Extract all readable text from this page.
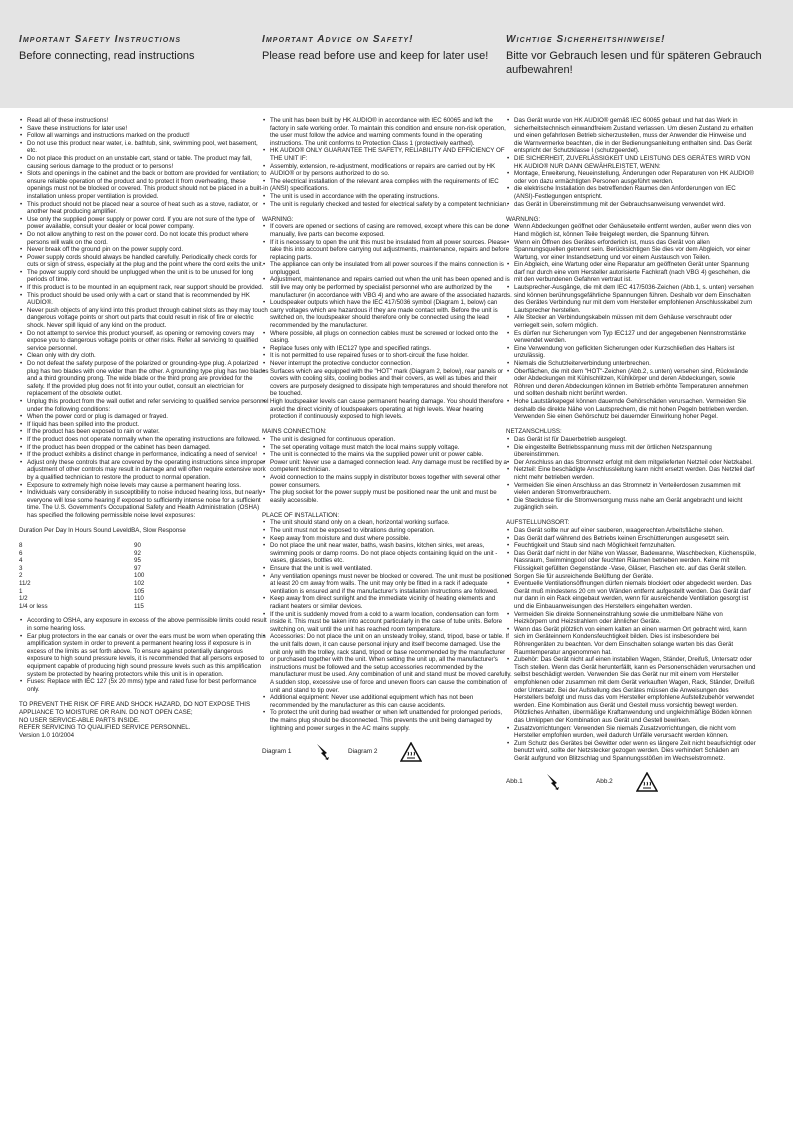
Important Safety Instructions
Before connecting, read instructions
Important Advice on Safety!
Please read before use and keep for later use!
Wichtige Sicherheitshinweise!
Bitte vor Gebrauch lesen und für späteren Gebrauch aufbewahren!
• Read all of these instructions!
• Save these instructions for later use!
• Follow all warnings and instructions marked on the product!
• Do not use this product near water, i.e. bathtub, sink, swimming pool, wet basement, etc.
• Do not place this product on an unstable cart, stand or table. The product may fall, causing serious damage to the product or to persons!
• Slots and openings in the cabinet and the back or bottom are provided for ventilation; to ensure reliable operation of the product and to protect it from overheating, these openings must not be blocked or covered. This product should not be placed in a built-in installation unless proper ventilation is provided.
• This product should not be placed near a source of heat such as a stove, radiator, or another heat producing amplifier.
• Use only the supplied power supply or power cord. If you are not sure of the type of power available, consult your dealer or local power company.
• Do not allow anything to rest on the power cord. Do not locate this product where persons will walk on the cord.
• Never break off the ground pin on the power supply cord.
• Power supply cords should always be handled carefully. Periodically check cords for cuts or sign of stress, especially at the plug and the point where the cord exits the unit.
• The power supply cord should be unplugged when the unit is to be unused for long periods of time.
• If this product is to be mounted in an equipment rack, rear support should be provided.
• This product should be used only with a cart or stand that is recommended by HK AUDIO®.
• Never push objects of any kind into this product through cabinet slots as they may touch dangerous voltage points or short out parts that could result in risk of fire or electric shock. Never spill liquid of any kind on the product.
• Do not attempt to service this product yourself, as opening or removing covers may expose you to dangerous voltage points or other risks. Refer all servicing to qualified service personnel.
• Clean only with dry cloth.
• Do not defeat the safety purpose of the polarized or grounding-type plug. A polarized plug has two blades with one wider than the other. A grounding type plug has two blades and a third grounding prong. The wide blade or the third prong are provided for the safety. If the provided plug does not fit into your outlet, consult an electrician for replacement of the obsolete outlet.
• Unplug this product from the wall outlet and refer servicing to qualified service personnel under the following conditions:
• When the power cord or plug is damaged or frayed.
• If liquid has been spilled into the product.
• If the product has been exposed to rain or water.
• If the product does not operate normally when the operating instructions are followed.
• If the product has been dropped or the cabinet has been damaged.
• If the product exhibits a distinct change in performance, indicating a need of service!
• Adjust only these controls that are covered by the operating instructions since improper adjustment of other controls may result in damage and will often require extensive work by a qualified technician to restore the product to normal operation.
• Exposure to extremely high noise levels may cause a permanent hearing loss.
• Individuals vary considerably in susceptibility to noise induced hearing loss, but nearly everyone will lose some hearing if exposed to sufficiently intense noise for a sufficient time. The U.S. Government's Occupational Safety and Health Administration (OSHA) has specified the following permissible noise level exposures:
Duration Per Day In Hours Sound LeveldBA, Slow Response
8	90
6	92
4	95
3	97
2	100
11/2	102
1	105
1/2	110
1/4 or less	115
• According to OSHA, any exposure in excess of the above permissible limits could result in some hearing loss.
• Ear plug protectors in the ear canals or over the ears must be worn when operating this amplification system in order to prevent a permanent hearing loss if exposure is in excess of the limits as set forth above. To ensure against potentially dangerous exposure to high sound pressure levels, it is recommended that all persons exposed to equipment capable of producing high sound pressure levels such as this amplification system be protected by hearing protectors while this unit is in operation.
• Fuses: Replace with IEC 127 (5x 20 mms) type and rated fuse for best performance only.

TO PREVENT THE RISK OF FIRE AND SHOCK HAZARD, DO NOT EXPOSE THIS APPLIANCE TO MOISTURE OR RAIN. DO NOT OPEN CASE;

NO USER SERVICE-ABLE PARTS INSIDE.

REFER SERVICING TO QUALIFIED SERVICE PERSONNEL.

Version 1.0 10/2004

• The unit has been built by HK AUDIO® in accordance with IEC 60065 and left the factory in safe working order. To maintain this condition and ensure non-risk operation, the user must follow the advice and warning comments found in the operating instructions. The unit conforms to Protection Class 1 (protectively earthed).
• HK AUDIO® ONLY GUARANTEE THE SAFETY, RELIABILITY AND EFFICIENCY OF THE UNIT IF:
• Assembly, extension, re-adjustment, modifications or repairs are carried out by HK AUDIO® or by persons authorized to do so.
• The electrical installation of the relevant area complies with the requirements of IEC (ANSI) specifications.
• The unit is used in accordance with the operating instructions.
• The unit is regularly checked and tested for electrical safety by a competent technician.
WARNING:
• If covers are opened or sections of casing are removed, except where this can be done manually, live parts can become exposed.
• If it is necessary to open the unit this must be insulated from all power sources. Please take this into account before carrying out adjustments, maintenance, repairs and before replacing parts.
• The appliance can only be insulated from all power sources if the mains connection is unplugged.
• Adjustment, maintenance and repairs carried out when the unit has been opened and is still live may only be performed by specialist personnel who are authorized by the manufacturer (in accordance with VBG 4) and who are aware of the associated hazards.
• Loudspeaker outputs which have the IEC 417/5036 symbol (Diagram 1, below) can carry voltages which are hazardous if they are made contact with. Before the unit is switched on, the loudspeaker should therefore only be connected using the lead recommended by the manufacturer.
• Where possible, all plugs on connection cables must be screwed or locked onto the casing.
• Replace fuses only with IEC127 type and specified ratings.
• It is not permitted to use repaired fuses or to short-circuit the fuse holder.
• Never interrupt the protective conductor connection.
• Surfaces which are equipped with the "HOT" mark (Diagram 2, below), rear panels or covers with cooling slits, cooling bodies and their covers, as well as tubes and their covers are purposely designed to dissipate high temperatures and should therefore not be touched.
• High loudspeaker levels can cause permanent hearing damage. You should therefore avoid the direct vicinity of loudspeakers operating at high levels. Wear hearing protection if continuously exposed to high levels.
MAINS CONNECTION:
• The unit is designed for continuous operation.
• The set operating voltage must match the local mains supply voltage.
• The unit is connected to the mains via the supplied power unit or power cable.
• Power unit: Never use a damaged connection lead. Any damage must be rectified by a competent technician.
• Avoid connection to the mains supply in distributor boxes together with several other power consumers.
• The plug socket for the power supply must be positioned near the unit and must be easily accessible.
PLACE OF INSTALLATION:
• The unit should stand only on a clean, horizontal working surface.
• The unit must not be exposed to vibrations during operation.
• Keep away from moisture and dust where possible.
• Do not place the unit near water, baths, wash basins, kitchen sinks, wet areas, swimming pools or damp rooms. Do not place objects containing liquid on the unit - vases, glasses, bottles etc.
• Ensure that the unit is well ventilated.
• Any ventilation openings must never be blocked or covered. The unit must be positioned at least 20 cm away from walls. The unit may only be fitted in a rack if adequate ventilation is ensured and if the manufacturer's installation instructions are followed.
• Keep away from direct sunlight and the immediate vicinity of heating elements and radiant heaters or similar devices.
• If the unit is suddenly moved from a cold to a warm location, condensation can form inside it. This must be taken into account particularly in the case of tube units. Before switching on, wait until the unit has reached room temperature.
• Accessories: Do not place the unit on an unsteady trolley, stand, tripod, base or table. If the unit falls down, it can cause personal injury and itself become damaged. Use the unit only with the trolley, rack stand, tripod or base recommended by the manufacturer or purchased together with the unit. When setting the unit up, all the manufacturer's instructions must be followed and the setup accessories recommended by the manufacturer must be used. Any combination of unit and stand must be moved carefully. A sudden stop, excessive use of force and uneven floors can cause the combination of unit and stand to tip over.
• Additional equipment: Never use additional equipment which has not been recommended by the manufacturer as this can cause accidents.
• To protect the unit during bad weather or when left unattended for prolonged periods, the mains plug should be disconnected. This prevents the unit being damaged by lightning and power surges in the AC mains supply.
Diagram 1	Diagram 2
• Das Gerät wurde von HK AUDIO® gemäß IEC 60065 gebaut und hat das Werk in sicherheitstechnisch einwandfreiem Zustand verlassen. Um diesen Zustand zu erhalten und einen gefahrlosen Betrieb sicherzustellen, muss der Anwender die Hinweise und die Warnvermerke beachten, die in der Bedienungsanleitung enthalten sind. Das Gerät entspricht der Schutzklasse I (schutzgeerdet).
• DIE SICHERHEIT, ZUVERLÄSSIGKEIT UND LEISTUNG DES GERÄTES WIRD VON HK AUDIO® NUR DANN GEWÄHRLEISTET, WENN:
• Montage, Erweiterung, Neueinstellung, Änderungen oder Reparaturen von HK AUDIO® oder von dazu ermächtigten Personen ausgeführt werden.
• die elektrische Installation des betreffenden Raumes den Anforderungen von IEC (ANSI)-Festlegungen entspricht.
• das Gerät in Übereinstimmung mit der Gebrauchsanweisung verwendet wird.
WARNUNG:
• Wenn Abdeckungen geöffnet oder Gehäuseteile entfernt werden, außer wenn dies von Hand möglich ist, können Teile freigelegt werden, die Spannung führen.
• Wenn ein Öffnen des Gerätes erforderlich ist, muss das Gerät von allen Spannungsquellen getrennt sein. Berücksichtigen Sie dies vor dem Abgleich, vor einer Wartung, vor einer Instandsetzung und vor einem Austausch von Teilen.
• Ein Abgleich, eine Wartung oder eine Reparatur am geöffneten Gerät unter Spannung darf nur durch eine vom Hersteller autorisierte Fachkraft (nach VBG 4) geschehen, die mit den verbundenen Gefahren vertraut ist.
• Lautsprecher-Ausgänge, die mit dem IEC 417/5036-Zeichen (Abb.1, s. unten) versehen sind können berührungsgefährliche Spannungen führen. Deshalb vor dem Einschalten des Gerätes Verbindung nur mit dem vom Hersteller empfohlenen Anschlusskabel zum Lautsprecher herstellen.
• Alle Stecker an Verbindungskabeln müssen mit dem Gehäuse verschraubt oder verriegelt sein, sofern möglich.
• Es dürfen nur Sicherungen vom Typ IEC127 und der angegebenen Nennstromstärke verwendet werden.
• Eine Verwendung von geflickten Sicherungen oder Kurzschließen des Halters ist unzulässig.
• Niemals die Schutzleiterverbindung unterbrechen.
• Oberflächen, die mit dem "HOT"-Zeichen (Abb.2, s.unten) versehen sind, Rückwände oder Abdeckungen mit Kühlschlitzen, Kühlkörper und deren Abdeckungen, sowie Röhren und deren Abdeckungen können im Betrieb erhöhte Temperaturen annehmen und sollten deshalb nicht berührt werden.
• Hohe Lautstärkepegel können dauernde Gehörschäden verursachen. Vermeiden Sie deshalb die direkte Nähe von Lautsprechern, die mit hohen Pegeln betrieben werden. Verwenden Sie einen Gehörschutz bei dauernder Einwirkung hoher Pegel.
NETZANSCHLUSS:
• Das Gerät ist für Dauerbetrieb ausgelegt.
• Die eingestellte Betriebsspannung muss mit der örtlichen Netzspannung übereinstimmen.
• Der Anschluss an das Stromnetz erfolgt mit dem mitgelieferten Netzteil oder Netzkabel.
• Netzteil: Eine beschädigte Anschlussleitung kann nicht ersetzt werden. Das Netzteil darf nicht mehr betrieben werden.
• Vermeiden Sie einen Anschluss an das Stromnetz in Verteilerdosen zusammen mit vielen anderen Stromverbrauchern.
• Die Steckdose für die Stromversorgung muss nahe am Gerät angebracht und leicht zugänglich sein.
AUFSTELLUNGSORT:
• Das Gerät sollte nur auf einer sauberen, waagerechten Arbeitsfläche stehen.
• Das Gerät darf während des Betriebs keinen Erschütterungen ausgesetzt sein.
• Feuchtigkeit und Staub sind nach Möglichkeit fernzuhalten.
• Das Gerät darf nicht in der Nähe von Wasser, Badewanne, Waschbecken, Küchenspüle, Nassraum, Swimmingpool oder feuchten Räumen betrieben werden. Keine mit Flüssigkeit gefüllten Gegenstände -Vase, Gläser, Flaschen etc. auf das Gerät stellen.
• Sorgen Sie für ausreichende Belüftung der Geräte.
• Eventuelle Ventilationsöffnungen dürfen niemals blockiert oder abgedeckt werden. Das Gerät muß mindestens 20 cm von Wänden entfernt aufgestellt werden. Das Gerät darf nur dann in ein Rack eingebaut werden, wenn für ausreichende Ventilation gesorgt ist und die Einbauanweisungen des Herstellers eingehalten werden.
• Vermeiden Sie direkte Sonneneinstrahlung sowie die unmittelbare Nähe von Heizkörpern und Heizstrahlern oder ähnlicher Geräte.
• Wenn das Gerät plötzlich von einem kalten an einen warmen Ort gebracht wird, kann sich im Geräteinnern Kondensfeuchtigkeit bilden. Dies ist insbesondere bei Röhrengeräten zu beachten. Vor dem Einschalten solange warten bis das Gerät Raumtemperatur angenommen hat.
• Zubehör: Das Gerät nicht auf einen instabilen Wagen, Ständer, Dreifuß, Untersatz oder Tisch stellen. Wenn das Gerät herunterfällt, kann es Personenschäden verursachen und selbst beschädigt werden. Verwenden Sie das Gerät nur mit einem vom Hersteller empfohlenen oder zusammen mit dem Gerät verkauften Wagen, Rack, Ständer, Dreifuß oder Untersatz. Bei der Aufstellung des Gerätes müssen die Anweisungen des Herstellers befolgt und muss das vom Hersteller empfohlene Aufstellzubehör verwendet werden. Eine Kombination aus Gerät und Gestell muss vorsichtig bewegt werden. Plötzliches Anhalten, übermäßige Kraftanwendung und ungleichmäßige Böden können das Umkippen der Kombination aus Gerät und Gestell bewirken.
• Zusatzvorrichtungen: Verwenden Sie niemals Zusatzvorrichtungen, die nicht vom Hersteller empfohlen wurden, weil dadurch Unfälle verursacht werden können.
• Zum Schutz des Gerätes bei Gewitter oder wenn es längere Zeit nicht beaufsichtigt oder benutzt wird, sollte der Netzstecker gezogen werden. Dies verhindert Schäden am Gerät aufgrund von Blitzschlag und Spannungsstößen im Wechselstromnetz.
Abb.1	Abb.2
